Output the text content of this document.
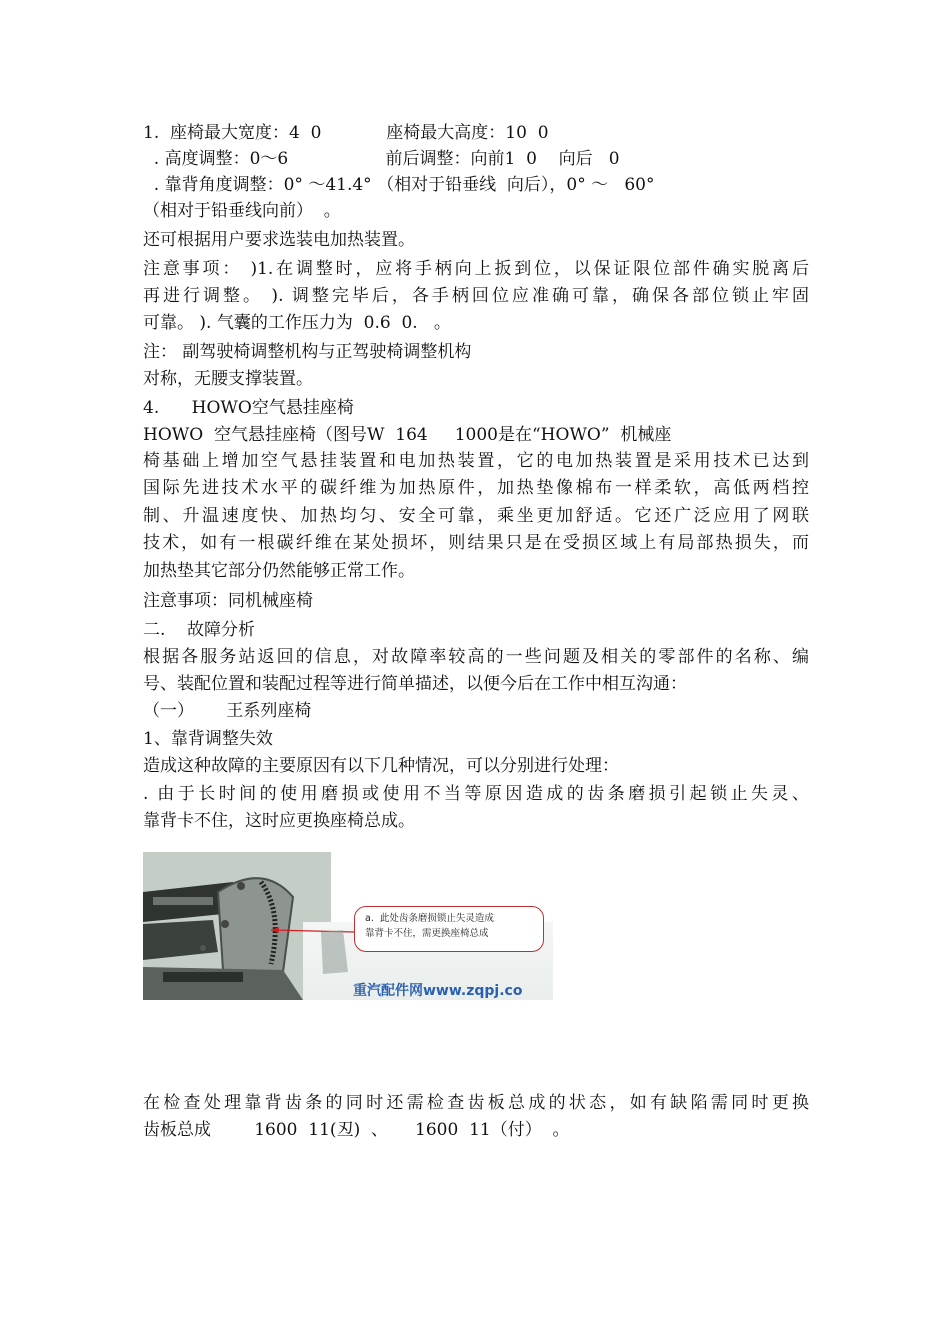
1.  座椅最大宽度：4  0            座椅最大高度：10  0
. 高度调整：0～6                  前后调整：向前1  0    向后   0
. 靠背角度调整：0° ～41.4° （相对于铅垂线  向后），0° ～   60°
（相对于铅垂线向前）  。
还可根据用户要求选装电加热装置。
注意事项： )1.在调整时，应将手柄向上扳到位，以保证限位部件确实脱离后
再进行调整。 ). 调整完毕后，各手柄回位应准确可靠，确保各部位锁止牢固
可靠。 ). 气囊的工作压力为  0.6  0.   。
注： 副驾驶椅调整机构与正驾驶椅调整机构
对称，无腰支撑装置。
4.      HOWO空气悬挂座椅
HOWO  空气悬挂座椅（图号W  164     1000是在“HOWO”  机械座
椅基础上增加空气悬挂装置和电加热装置，它的电加热装置是采用技术已达到
国际先进技术水平的碳纤维为加热原件，加热垫像棉布一样柔软，高低两档控
制、升温速度快、加热均匀、安全可靠，乘坐更加舒适。它还广泛应用了网联
技术，如有一根碳纤维在某处损坏，则结果只是在受损区域上有局部热损失，而
加热垫其它部分仍然能够正常工作。
注意事项：同机械座椅
二.    故障分析
根据各服务站返回的信息，对故障率较高的一些问题及相关的零部件的名称、编
号、装配位置和装配过程等进行简单描述，以便今后在工作中相互沟通：
（一）      王系列座椅
1、靠背调整失效
造成这种故障的主要原因有以下几种情况，可以分别进行处理：
. 由于长时间的使用磨损或使用不当等原因造成的齿条磨损引起锁止失灵、
靠背卡不住，这时应更换座椅总成。
a.  此处齿条磨损锁止失灵造成
靠背卡不住，需更换座椅总成
重汽配件网www.zqpj.co
在检查处理靠背齿条的同时还需检查齿板总成的状态，如有缺陷需同时更换
齿板总成        1600  11(丒)  、     1600  11（付）  。
